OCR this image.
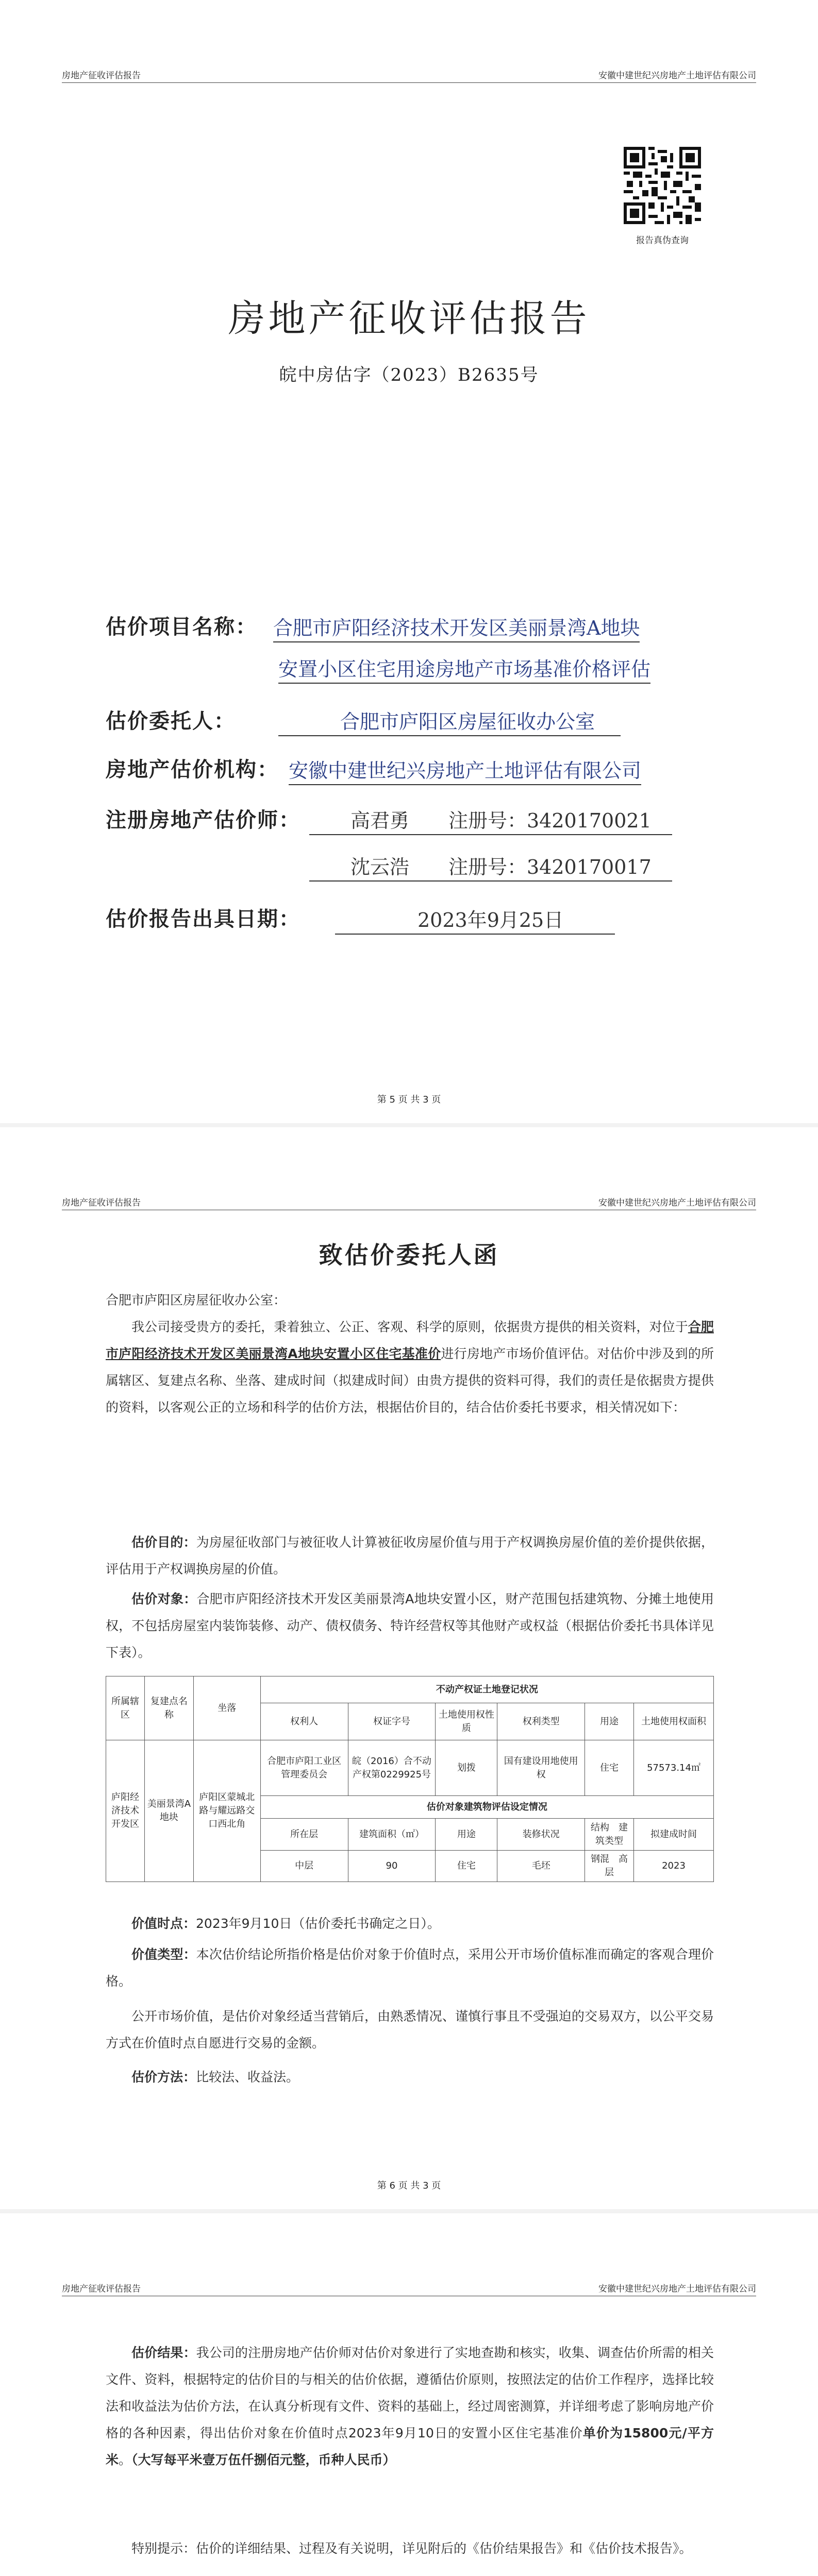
房地产征收评估报告	安徽中建世纪兴房地产土地评估有限公司
报告真伪查询
房地产征收评估报告
皖中房估字（2023）B2635号
估价项目名称： 合肥市庐阳经济技术开发区美丽景湾A地块
安置小区住宅用途房地产市场基准价格评估
估价委托人：	合肥市庐阳区房屋征收办公室
房地产估价机构： 安徽中建世纪兴房地产土地评估有限公司
注册房地产估价师：	高君勇　　注册号：3420170021
沈云浩　　注册号：3420170017
估价报告出具日期：	2023年9月25日
第 5 页 共 3 页
房地产征收评估报告	安徽中建世纪兴房地产土地评估有限公司
致估价委托人函
合肥市庐阳区房屋征收办公室：
我公司接受贵方的委托，秉着独立、公正、客观、科学的原则，依据贵方提供的相关资料，对位于合肥市庐阳经济技术开发区美丽景湾A地块安置小区住宅基准价进行房地产市场价值评估。对估价中涉及到的所属辖区、复建点名称、坐落、建成时间（拟建成时间）由贵方提供的资料可得，我们的责任是依据贵方提供的资料，以客观公正的立场和科学的估价方法，根据估价目的，结合估价委托书要求，相关情况如下：
估价目的：为房屋征收部门与被征收人计算被征收房屋价值与用于产权调换房屋价值的差价提供依据，评估用于产权调换房屋的价值。
估价对象：合肥市庐阳经济技术开发区美丽景湾A地块安置小区，财产范围包括建筑物、分摊土地使用权，不包括房屋室内装饰装修、动产、债权债务、特许经营权等其他财产或权益（根据估价委托书具体详见下表）。
所属辖区	复建点名称	坐落	不动产权证土地登记状况					
			权利人	权证字号	土地使用权性质	权利类型	用途	土地使用权面积
庐阳经济技术开发区	美丽景湾A地块	庐阳区蒙城北路与耀远路交口西北角	合肥市庐阳工业区管理委员会	皖（2016）合不动产权第0229925号	划拨	国有建设用地使用权	住宅	57573.14㎡
			估价对象建筑物评估设定情况					
			所在层	建筑面积（㎡）	用途	装修状况	结构　 建筑类型	拟建成时间
			中层	90	住宅	毛坯	钢混　 高层	2023
价值时点：2023年9月10日（估价委托书确定之日）。
价值类型：本次估价结论所指价格是估价对象于价值时点，采用公开市场价值标准而确定的客观合理价格。
公开市场价值，是估价对象经适当营销后，由熟悉情况、谨慎行事且不受强迫的交易双方，以公平交易方式在价值时点自愿进行交易的金额。
估价方法：比较法、收益法。
第 6 页 共 3 页
房地产征收评估报告	安徽中建世纪兴房地产土地评估有限公司
估价结果：我公司的注册房地产估价师对估价对象进行了实地查勘和核实，收集、调查估价所需的相关文件、资料，根据特定的估价目的与相关的估价依据，遵循估价原则，按照法定的估价工作程序，选择比较法和收益法为估价方法，在认真分析现有文件、资料的基础上，经过周密测算，并详细考虑了影响房地产价格的各种因素，得出估价对象在价值时点2023年9月10日的安置小区住宅基准价单价为15800元/平方米。（大写每平米壹万伍仟捌佰元整，币种人民币）
特别提示：估价的详细结果、过程及有关说明，详见附后的《估价结果报告》和《估价技术报告》。
